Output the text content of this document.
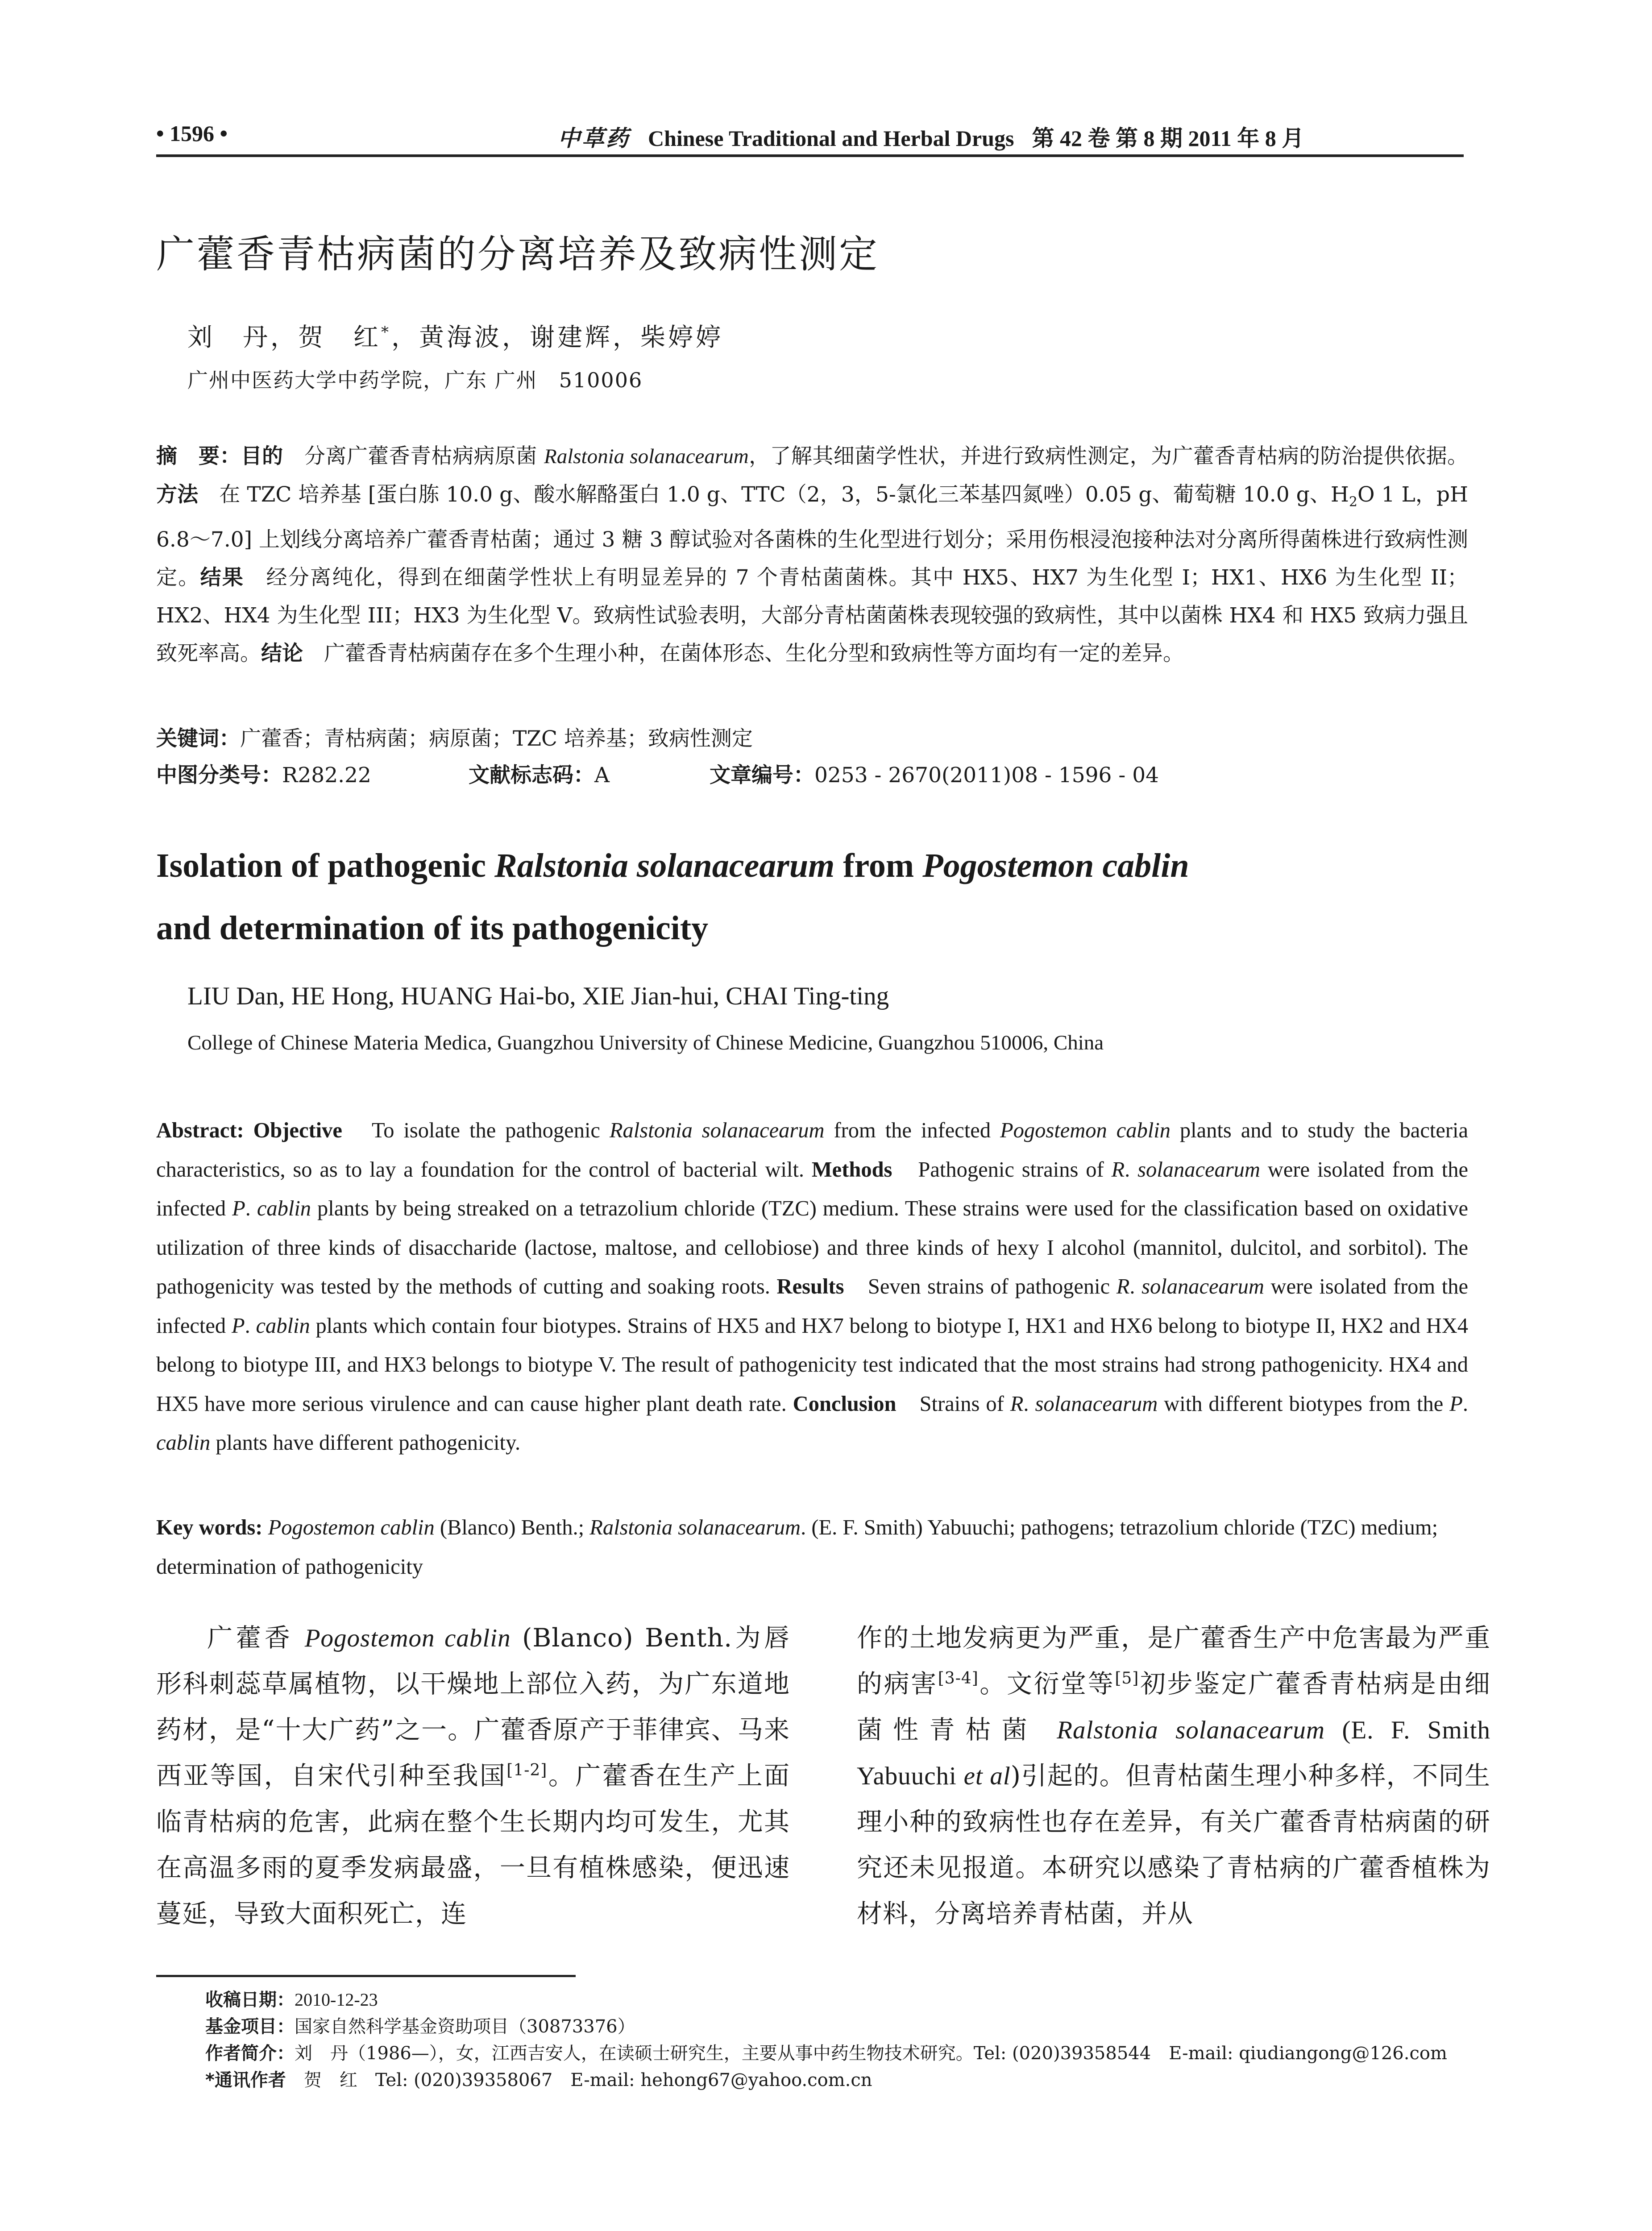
• 1596 •	中草药 Chinese Traditional and Herbal Drugs 第 42 卷 第 8 期 2011 年 8 月
广藿香青枯病菌的分离培养及致病性测定
刘　丹，贺　红*，黄海波，谢建辉，柴婷婷
广州中医药大学中药学院，广东 广州　510006
摘　要：目的　分离广藿香青枯病病原菌 Ralstonia solanacearum，了解其细菌学性状，并进行致病性测定，为广藿香青枯病的防治提供依据。方法　在 TZC 培养基 [蛋白胨 10.0 g、酸水解酪蛋白 1.0 g、TTC（2，3，5-氯化三苯基四氮唑）0.05 g、葡萄糖 10.0 g、$H_2O$ 1 L，pH 6.8～7.0] 上划线分离培养广藿香青枯菌；通过 3 糖 3 醇试验对各菌株的生化型进行划分；采用伤根浸泡接种法对分离所得菌株进行致病性测定。结果　经分离纯化，得到在细菌学性状上有明显差异的 7 个青枯菌菌株。其中 HX5、HX7 为生化型 I；HX1、HX6 为生化型 II；HX2、HX4 为生化型 III；HX3 为生化型 V。致病性试验表明，大部分青枯菌菌株表现较强的致病性，其中以菌株 HX4 和 HX5 致病力强且致死率高。结论　广藿香青枯病菌存在多个生理小种，在菌体形态、生化分型和致病性等方面均有一定的差异。
关键词：广藿香；青枯病菌；病原菌；TZC 培养基；致病性测定
中图分类号：R282.22	文献标志码：A	文章编号：0253 - 2670(2011)08 - 1596 - 04
Isolation of pathogenic Ralstonia solanacearum from Pogostemon cablin
and determination of its pathogenicity
LIU Dan, HE Hong, HUANG Hai-bo, XIE Jian-hui, CHAI Ting-ting
College of Chinese Materia Medica, Guangzhou University of Chinese Medicine, Guangzhou 510006, China
Abstract: Objective　To isolate the pathogenic Ralstonia solanacearum from the infected Pogostemon cablin plants and to study the bacteria characteristics, so as to lay a foundation for the control of bacterial wilt. Methods　Pathogenic strains of R. solanacearum were isolated from the infected P. cablin plants by being streaked on a tetrazolium chloride (TZC) medium. These strains were used for the classification based on oxidative utilization of three kinds of disaccharide (lactose, maltose, and cellobiose) and three kinds of hexy I alcohol (mannitol, dulcitol, and sorbitol). The pathogenicity was tested by the methods of cutting and soaking roots. Results　Seven strains of pathogenic R. solanacearum were isolated from the infected P. cablin plants which contain four biotypes. Strains of HX5 and HX7 belong to biotype I, HX1 and HX6 belong to biotype II, HX2 and HX4 belong to biotype III, and HX3 belongs to biotype V. The result of pathogenicity test indicated that the most strains had strong pathogenicity. HX4 and HX5 have more serious virulence and can cause higher plant death rate. Conclusion　Strains of R. solanacearum with different biotypes from the P. cablin plants have different pathogenicity.
Key words: Pogostemon cablin (Blanco) Benth.; Ralstonia solanacearum. (E. F. Smith) Yabuuchi; pathogens; tetrazolium chloride (TZC) medium; determination of pathogenicity
广藿香 Pogostemon cablin (Blanco) Benth.为唇形科刺蕊草属植物，以干燥地上部位入药，为广东道地药材，是“十大广药”之一。广藿香原产于菲律宾、马来西亚等国，自宋代引种至我国[1-2]。广藿香在生产上面临青枯病的危害，此病在整个生长期内均可发生，尤其在高温多雨的夏季发病最盛，一旦有植株感染，便迅速蔓延，导致大面积死亡，连
作的土地发病更为严重，是广藿香生产中危害最为严重的病害[3-4]。文衍堂等[5]初步鉴定广藿香青枯病是由细菌性青枯菌 Ralstonia solanacearum (E. F. Smith Yabuuchi et al)引起的。但青枯菌生理小种多样，不同生理小种的致病性也存在差异，有关广藿香青枯病菌的研究还未见报道。本研究以感染了青枯病的广藿香植株为材料，分离培养青枯菌，并从
收稿日期：2010-12-23
基金项目：国家自然科学基金资助项目（30873376）
作者简介：刘　丹（1986—），女，江西吉安人，在读硕士研究生，主要从事中药生物技术研究。Tel: (020)39358544　E-mail: qiudiangong@126.com
*通讯作者　贺　红　Tel: (020)39358067　E-mail: hehong67@yahoo.com.cn
